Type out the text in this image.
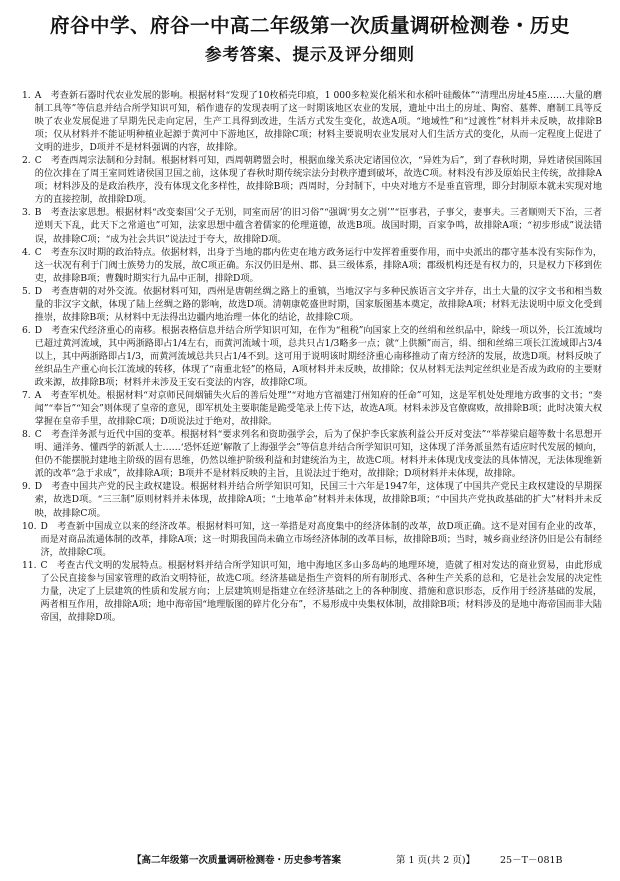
府谷中学、府谷一中高二年级第一次质量调研检测卷・历史
参考答案、提示及评分细则
1. A　考查新石器时代农业发展的影响。根据材料“发现了10枚稻壳印痕，1 000多粒炭化稻米和水稻叶硅酸体”“清理出房址45座……大量的磨制工具等”等信息并结合所学知识可知，稻作遗存的发现表明了这一时期该地区农业的发展，遗址中出土的房址、陶窑、墓葬、磨制工具等反映了农业发展促进了早期先民走向定居，生产工具得到改进，生活方式发生变化，故选A项。“地域性”和“过渡性”材料并未反映，故排除B项；仅从材料并不能证明种植业起源于黄河中下游地区，故排除C项；材料主要说明农业发展对人们生活方式的变化，从而一定程度上促进了文明的进步，D项并不是材料强调的内容，故排除。
2. C　考查西周宗法制和分封制。根据材料可知，西周朝聘盟会时，根据血缘关系决定诸国位次，“异姓为后”，到了春秋时期，异姓诸侯国陈国的位次排在了周王室同姓诸侯国卫国之前，这体现了春秋时期传统宗法分封秩序遭到破坏，故选C项。材料没有涉及原始民主传统，故排除A项；材料涉及的是政治秩序，没有体现文化多样性，故排除B项；西周时，分封制下，中央对地方不是垂直管理，即分封制原本就未实现对地方的直接控制，故排除D项。
3. B　考查法家思想。根据材料“改变秦国‘父子无别，同室而居’的旧习俗”“强调‘男女之别’”“臣事君，子事父，妻事夫。三者顺则天下治，三者逆则天下乱，此天下之常道也”可知，法家思想中蕴含着儒家的伦理道德，故选B项。战国时期，百家争鸣，故排除A项；“初步形成”说法错误，故排除C项；“成为社会共识”说法过于夸大，故排除D项。
4. C　考查东汉时期的政治特点。依据材料，出身于当地的郡内佐吏在地方政务运行中发挥着重要作用，而中央派出的郡守基本没有实际作为，这一状况有利于门阀士族势力的发展，故C项正确。东汉仍旧是州、郡、县三级体系，排除A项；郡级机构还是有权力的，只是权力下移到佐吏，故排除B项；曹魏时期实行九品中正制，排除D项。
5. D　考查唐朝的对外交流。依据材料可知，西州是唐朝丝绸之路上的重镇，当地汉字与多种民族语言文字并存，出土大量的汉字文书和相当数量的非汉字文献，体现了陆上丝绸之路的影响，故选D项。清朝康乾盛世时期，国家版图基本奠定，故排除A项；材料无法说明中原文化受到推崇，故排除B项；从材料中无法得出边疆内地治理一体化的结论，故排除C项。
6. D　考查宋代经济重心的南移。根据表格信息并结合所学知识可知，在作为“租税”向国家上交的丝绢和丝织品中，除线一项以外，长江流域均已超过黄河流域，其中两浙路即占1/4左右，而黄河流域十项，总共只占1/3略多一点；就“上供额”而言，绢、细和丝绵三项长江流域即占3/4以上，其中两浙路即占1/3，而黄河流域总共只占1/4不到。这可用于说明该时期经济重心南移推动了南方经济的发展，故选D项。材料反映了丝织品生产重心向长江流域的转移，体现了“南重北轻”的格局，A项材料并未反映，故排除；仅从材料无法判定丝织业是否成为政府的主要财政来源，故排除B项；材料并未涉及王安石变法的内容，故排除C项。
7. A　考查军机处。根据材料“对京师民间烟铺失火后的善后处理”“对地方官福建汀州知府的任命”可知，这是军机处处理地方政事的文书；“奏闻”“奉旨”“知会”则体现了皇帝的意见，即军机处主要职能是跪受笔录上传下达，故选A项。材料未涉及官僚腐败，故排除B项；此时决策大权掌握在皇帝手里，故排除C项；D项说法过于绝对，故排除。
8. C　考查洋务派与近代中国的变革。根据材料“要求列名和资助强学会，后为了保护李氏家族利益公开反对变法”“举荐梁启超等数十名思想开明、通洋务、懂西学的新派人士……‘恐怀廷逆’解散了上海强学会”等信息并结合所学知识可知，这体现了洋务派虽然有适应时代发展的倾向，但仍不能摆脱封建地主阶级的固有思维，仍然以维护阶级利益和封建统治为主，故选C项。材料并未体现戊戌变法的具体情况，无法体现维新派的改革“急于求成”，故排除A项；B项并不是材料反映的主旨，且说法过于绝对，故排除；D项材料并未体现，故排除。
9. D　考查中国共产党的民主政权建设。根据材料并结合所学知识可知，民国三十六年是1947年，这体现了中国共产党民主政权建设的早期探索，故选D项。“三三制”原则材料并未体现，故排除A项；“土地革命”材料并未体现，故排除B项；“中国共产党执政基础的扩大”材料并未反映，故排除C项。
10. D　考查新中国成立以来的经济改革。根据材料可知，这一举措是对高度集中的经济体制的改革，故D项正确。这不是对国有企业的改革，而是对商品流通体制的改革，排除A项；这一时期我国尚未确立市场经济体制的改革目标，故排除B项；当时，城乡商业经济仍旧是公有制经济，故排除C项。
11. C　考查古代文明的发展特点。根据材料并结合所学知识可知，地中海地区多山多岛屿的地理环境，造就了相对发达的商业贸易，由此形成了公民直接参与国家管理的政治文明特征，故选C项。经济基础是指生产资料的所有制形式、各种生产关系的总和，它是社会发展的决定性力量，决定了上层建筑的性质和发展方向；上层建筑则是指建立在经济基础之上的各种制度、措施和意识形态，反作用于经济基础的发展，两者相互作用，故排除A项；地中海帝国“地理版图的碎片化分布”，不易形成中央集权体制，故排除B项；材料涉及的是地中海帝国而非大陆帝国，故排除D项。
【高二年级第一次质量调研检测卷・历史参考答案	第 1 页(共 2 页)】	25－T－081B
